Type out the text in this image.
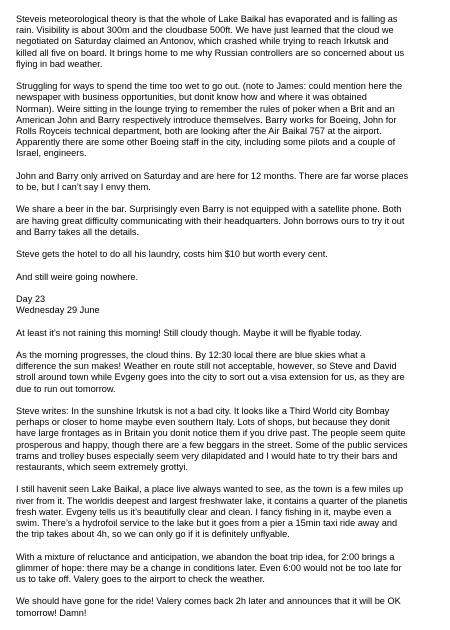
Steveis meteorological theory is that the whole of Lake Baikal has evaporated and is falling as
rain. Visibility is about 300m and the cloudbase 500ft. We have just learned that the cloud we
negotiated on Saturday claimed an Antonov, which crashed while trying to reach Irkutsk and
killed all five on board. It brings home to me why Russian controllers are so concerned about us
flying in bad weather.

Struggling for ways to spend the time too wet to go out. (note to James: could mention here the
newspaper with business opportunities, but donit know how and where it was obtained
Norman). Weire sitting in the lounge trying to remember the rules of poker when a Brit and an
American John and Barry respectively introduce themselves. Barry works for Boeing, John for
Rolls Royceis technical department, both are looking after the Air Baikal 757 at the airport.
Apparently there are some other Boeing staff in the city, including some pilots and a couple of
Israel, engineers.

John and Barry only arrived on Saturday and are here for 12 months. There are far worse places
to be, but I can’t say I envy them.

We share a beer in the bar. Surprisingly even Barry is not equipped with a satellite phone. Both
are having great difficulty communicating with their headquarters. John borrows ours to try it out
and Barry takes all the details.

Steve gets the hotel to do all his laundry, costs him $10 but worth every cent.

And still weire going nowhere.

Day 23
Wednesday 29 June

At least it’s not raining this morning! Still cloudy though. Maybe it will be flyable today.

As the morning progresses, the cloud thins. By 12:30 local there are blue skies what a
difference the sun makes! Weather en route still not acceptable, however, so Steve and David
stroll around town while Evgeny goes into the city to sort out a visa extension for us, as they are
due to run out tomorrow.

Steve writes: In the sunshine Irkutsk is not a bad city. It looks like a Third World city Bombay
perhaps or closer to home maybe even southern Italy. Lots of shops, but because they donit
have large frontages as in Britain you donit notice them if you drive past. The people seem quite
prosperous and happy, though there are a few beggars in the street. Some of the public services
trams and trolley buses especially seem very dilapidated and I would hate to try their bars and
restaurants, which seem extremely grottyi.

I still havenit seen Lake Baikal, a place live always wanted to see, as the town is a few miles up
river from it. The worldis deepest and largest freshwater lake, it contains a quarter of the planetis
fresh water. Evgeny tells us it’s beautifully clear and clean. I fancy fishing in it, maybe even a
swim. There’s a hydrofoil service to the lake but it goes from a pier a 15min taxi ride away and
the trip takes about 4h, so we can only go if it is definitely unflyable.

With a mixture of reluctance and anticipation, we abandon the boat trip idea, for 2:00 brings a
glimmer of hope: there may be a change in conditions later. Even 6:00 would not be too late for
us to take off. Valery goes to the airport to check the weather.

We should have gone for the ride! Valery comes back 2h later and announces that it will be OK
tomorrow! Damn!
